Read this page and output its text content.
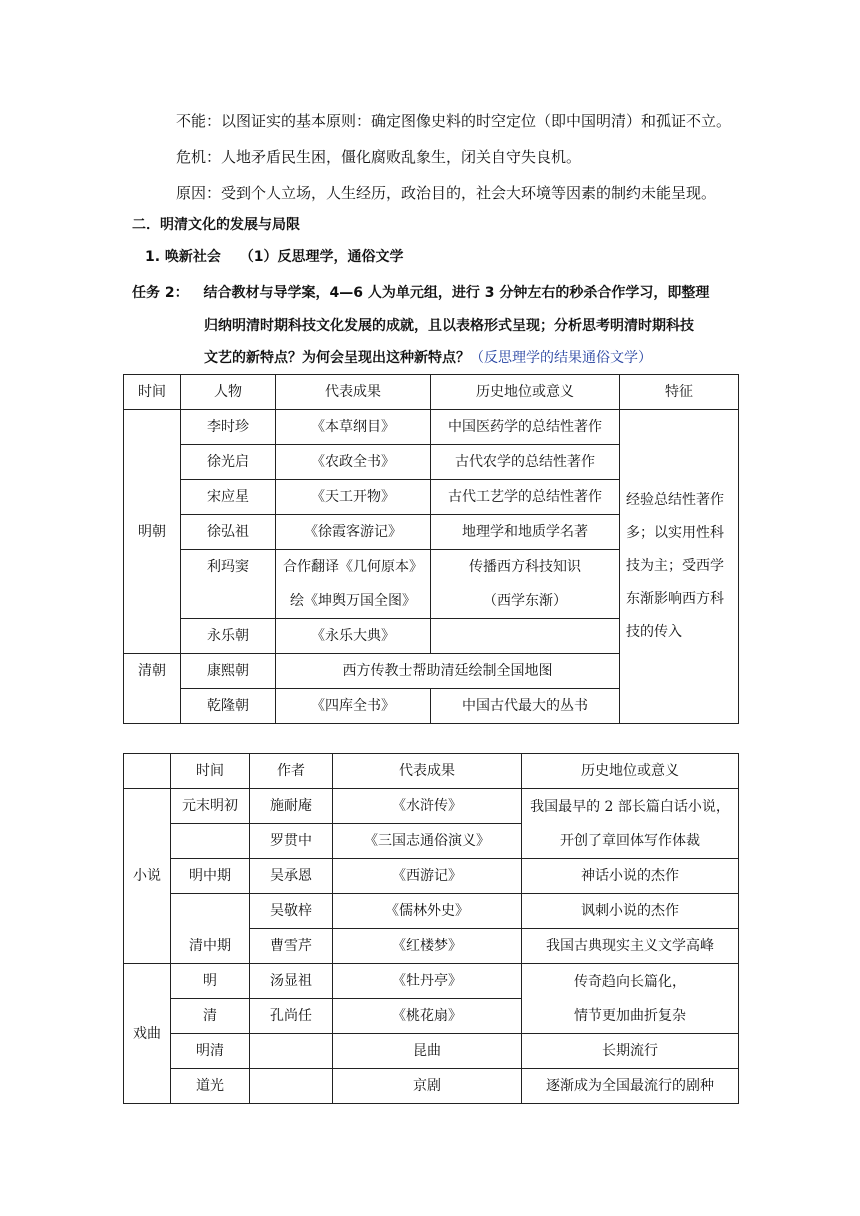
不能：以图证实的基本原则：确定图像史料的时空定位（即中国明清）和孤证不立。
危机：人地矛盾民生困，僵化腐败乱象生，闭关自守失良机。
原因：受到个人立场，人生经历，政治目的，社会大环境等因素的制约未能呈现。
二．明清文化的发展与局限
1. 唤新社会　 （1）反思理学，通俗文学
任务 2： 结合教材与导学案，4—6 人为单元组，进行 3 分钟左右的秒杀合作学习，即整理
归纳明清时期科技文化发展的成就，且以表格形式呈现；分析思考明清时期科技
文艺的新特点？为何会呈现出这种新特点？（反思理学的结果通俗文学）
时间	人物	代表成果	历史地位或意义	特征
明朝	李时珍	《本草纲目》	中国医药学的总结性著作	经验总结性著作
多；以实用性科
技为主；受西学
东渐影响西方科
技的传入

	徐光启	《农政全书》	古代农学的总结性著作	
	宋应星	《天工开物》	古代工艺学的总结性著作	
	徐弘祖	《徐霞客游记》	地理学和地质学名著	
	利玛窦	合作翻译《几何原本》	传播西方科技知识	
		绘《坤舆万国全图》	（西学东渐）	
	永乐朝	《永乐大典》		
清朝	康熙朝	西方传教士帮助清廷绘制全国地图		
	乾隆朝	《四库全书》	中国古代最大的丛书	
	时间	作者	代表成果	历史地位或意义
小说	元末明初	施耐庵	《水浒传》	我国最早的 2 部长篇白话小说，
开创了章回体写作体裁

		罗贯中	《三国志通俗演义》	
	明中期	吴承恩	《西游记》	神话小说的杰作
	清中期	吴敬梓	《儒林外史》	讽刺小说的杰作
		曹雪芹	《红楼梦》	我国古典现实主义文学高峰
戏曲	明	汤显祖	《牡丹亭》	传奇趋向长篇化，
情节更加曲折复杂

	清	孔尚任	《桃花扇》	
	明清		昆曲	长期流行
	道光		京剧	逐渐成为全国最流行的剧种
